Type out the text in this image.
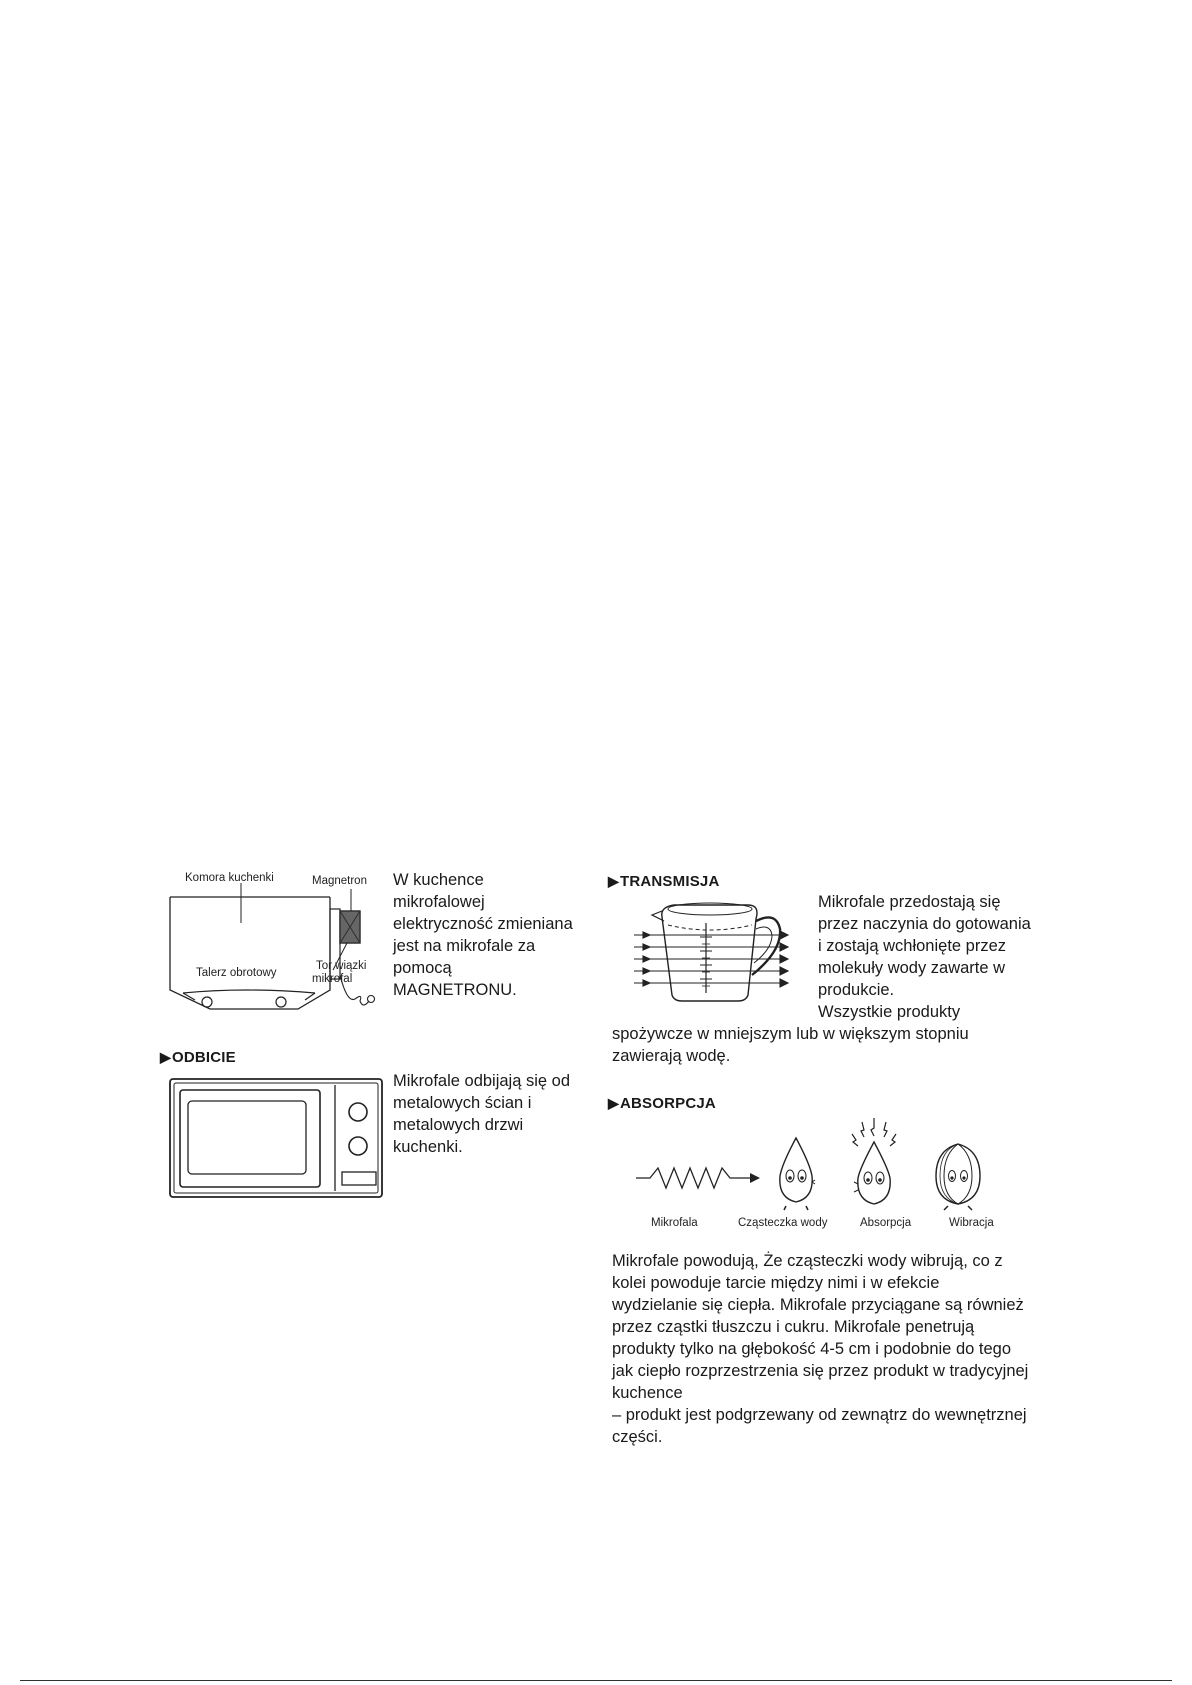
Komora kuchenki	Magnetron
Talerz obrotowy
Tor wiązki
mikrofal
W kuchence
mikrofalowej
elektryczność zmieniana
jest na mikrofale za
pomocą
MAGNETRONU.
▶ODBICIE
Mikrofale odbijają się od
metalowych ścian i
metalowych drzwi
kuchenki.
▶TRANSMISJA
Mikrofale przedostają się
przez naczynia do gotowania
i zostają wchłonięte przez
molekuły wody zawarte w
produkcie.
Wszystkie produkty
spożywcze w mniejszym lub w większym stopniu
zawierają wodę.
▶ABSORPCJA
Mikrofala	Cząsteczka wody	Absorpcja	Wibracja
Mikrofale powodują, Że cząsteczki wody wibrują, co z
kolei powoduje tarcie między nimi i w efekcie
wydzielanie się ciepła. Mikrofale przyciągane są również
przez cząstki tłuszczu i cukru. Mikrofale penetrują
produkty tylko na głębokość 4-5 cm i podobnie do tego
jak ciepło rozprzestrzenia się przez produkt w tradycyjnej
kuchence
– produkt jest podgrzewany od zewnątrz do wewnętrznej
części.
